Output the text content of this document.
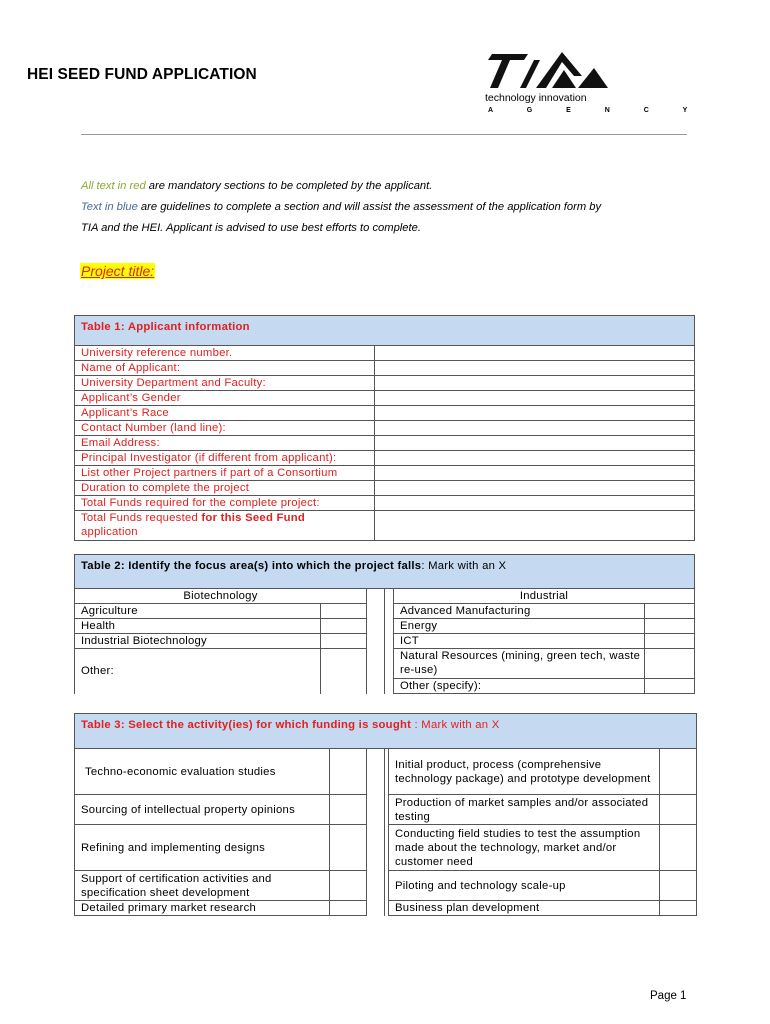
HEI SEED FUND APPLICATION
technology innovation
A G E N C Y
All text in red are mandatory sections to be completed by the applicant.
Text in blue are guidelines to complete a section and will assist the assessment of the application form by
TIA and the HEI. Applicant is advised to use best efforts to complete.
Project title:
Table 1: Applicant information	
University reference number.	
Name of Applicant:	
University Department and Faculty:	
Applicant’s Gender	
Applicant’s Race	
Contact Number (land line):	
Email Address:	
Principal Investigator (if different from applicant):	
List other Project partners if part of a Consortium	
Duration to complete the project	
Total Funds required for the complete project:	
Total Funds requested for this Seed Fund
application	
Table 2: Identify the focus area(s) into which the project falls: Mark with an X					
Biotechnology				Industrial	
Agriculture				Advanced Manufacturing	
Health				Energy	
Industrial Biotechnology				ICT	
Other:				Natural Resources (mining, green tech, waste re-use)	
				Other (specify):	
Table 3: Select the activity(ies) for which funding is sought : Mark with an X					
Techno-economic evaluation studies				Initial product, process (comprehensive technology package) and prototype development	
Sourcing of intellectual property opinions				Production of market samples and/or associated testing	
Refining and implementing designs				Conducting field studies to test the assumption made about the technology, market and/or customer need	
Support of certification activities and specification sheet development				Piloting and technology scale-up	
Detailed primary market research				Business plan development	
Page 1
